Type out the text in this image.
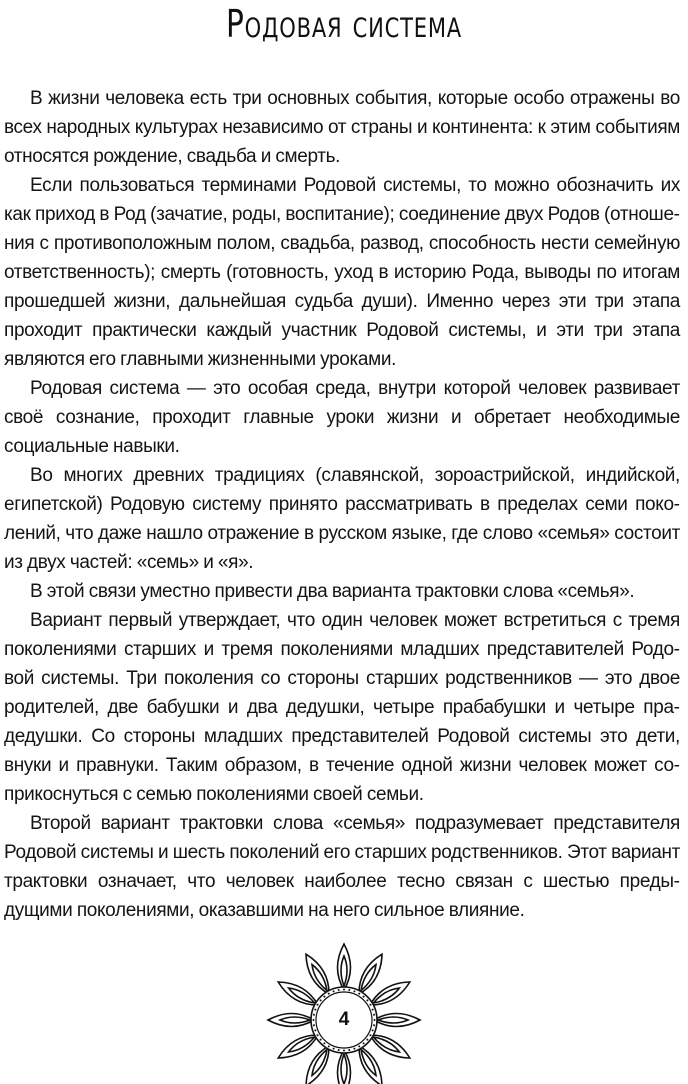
Родовая система

В жизни человека есть три основных события, которые особо отражены во всех народных культурах независимо от страны и континента: к этим событиям относятся рождение, свадьба и смерть.

Если пользоваться терминами Родовой системы, то можно обозначить их как приход в Род (зачатие, роды, воспитание); соединение двух Родов (отношения с противоположным полом, свадьба, развод, способность нести семейную ответственность); смерть (готовность, уход в историю Рода, выводы по итогам прошедшей жизни, дальнейшая судьба души). Именно через эти три этапа проходит практически каждый участник Родовой системы, и эти три этапа являются его главными жизненными уроками.

Родовая система — это особая среда, внутри которой человек развивает своё сознание, проходит главные уроки жизни и обретает необходимые социальные навыки.

Во многих древних традициях (славянской, зороастрийской, индийской, египетской) Родовую систему принято рассматривать в пределах семи поколений, что даже нашло отражение в русском языке, где слово «семья» состоит из двух частей: «семь» и «я».

В этой связи уместно привести два варианта трактовки слова «семья».

Вариант первый утверждает, что один человек может встретиться с тремя поколениями старших и тремя поколениями младших представителей Родовой системы. Три поколения со стороны старших родственников — это двое родителей, две бабушки и два дедушки, четыре прабабушки и четыре прадедушки. Со стороны младших представителей Родовой системы это дети, внуки и правнуки. Таким образом, в течение одной жизни человек может соприкоснуться с семью поколениями своей семьи.

Второй вариант трактовки слова «семья» подразумевает представителя Родовой системы и шесть поколений его старших родственников. Этот вариант трактовки означает, что человек наиболее тесно связан с шестью предыдущими поколениями, оказавшими на него сильное влияние.

4
